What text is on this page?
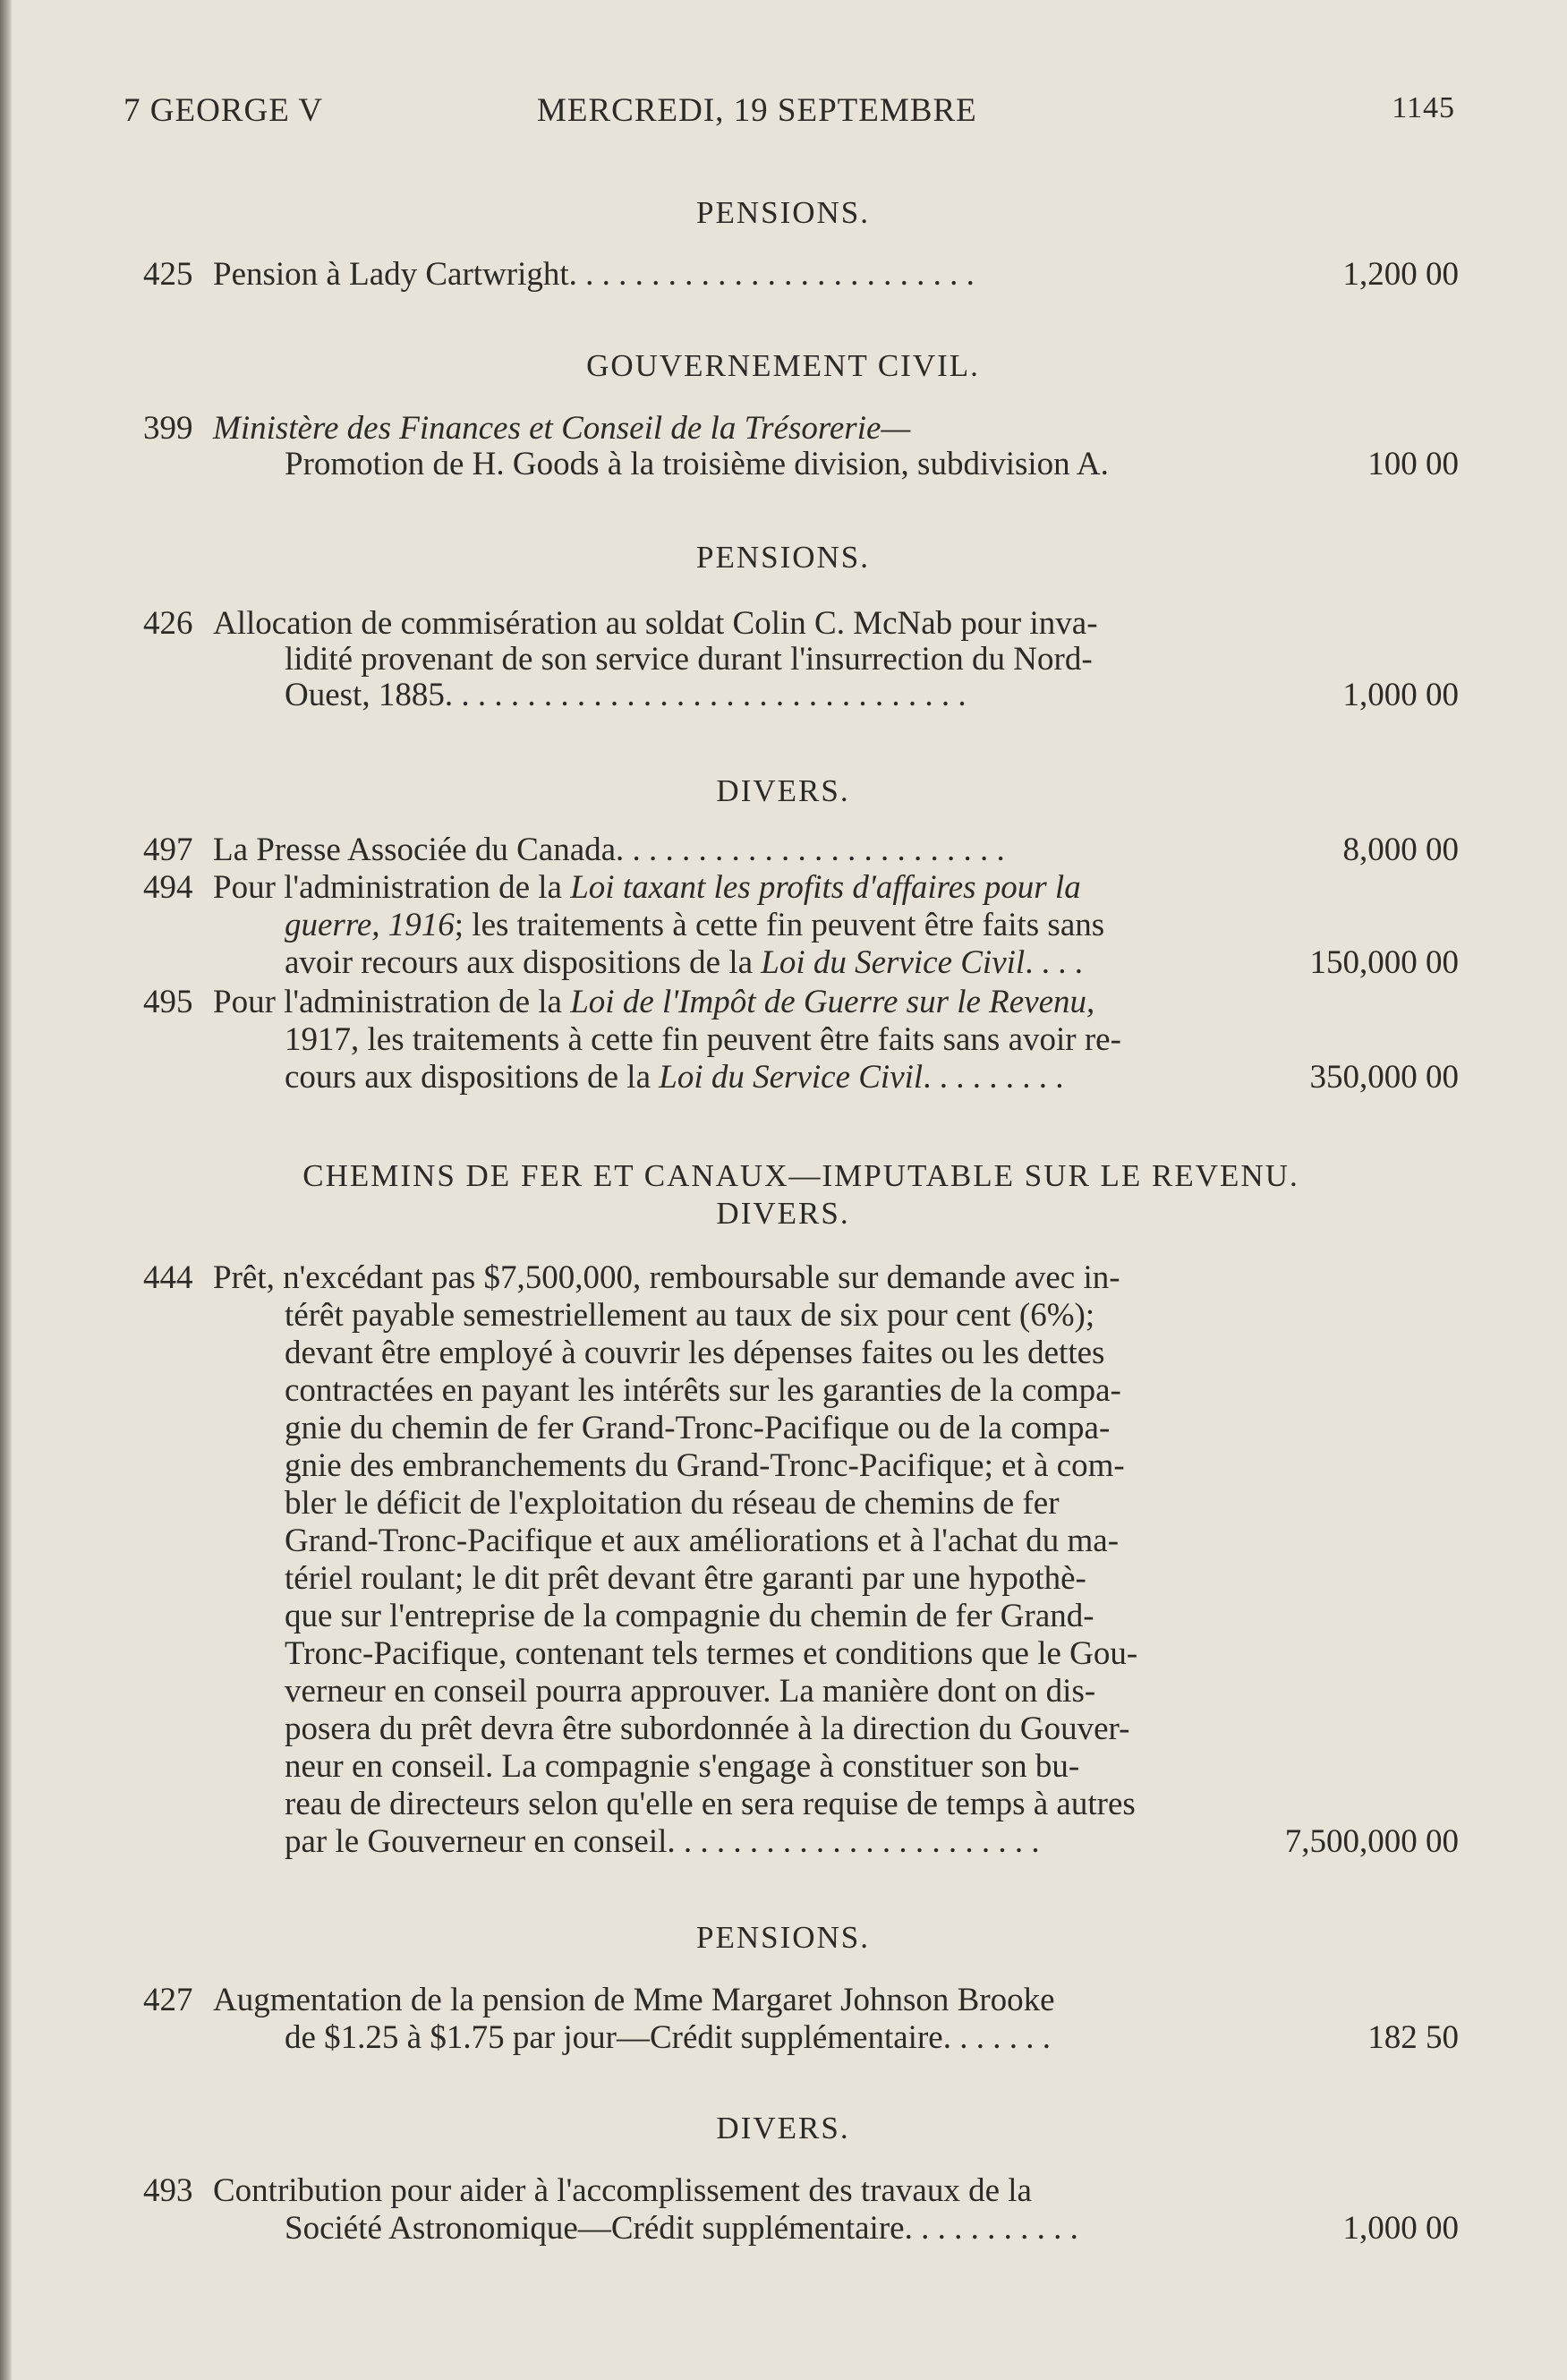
7 GEORGE V	MERCREDI, 19 SEPTEMBRE	1145
PENSIONS.
425 Pension à Lady Cartwright. . . . . . . . . . . . . . . . . . . . . . . . .	1,200 00
GOUVERNEMENT CIVIL.
399 Ministère des Finances et Conseil de la Trésorerie—
Promotion de H. Goods à la troisième division, subdivision A.	100 00
PENSIONS.
426 Allocation de commisération au soldat Colin C. McNab pour inva-
lidité provenant de son service durant l'insurrection du Nord-
Ouest, 1885. . . . . . . . . . . . . . . . . . . . . . . . . . . . . . . .	1,000 00
DIVERS.
497 La Presse Associée du Canada. . . . . . . . . . . . . . . . . . . . . . . .	8,000 00
494 Pour l'administration de la Loi taxant les profits d'affaires pour la
guerre, 1916; les traitements à cette fin peuvent être faits sans
avoir recours aux dispositions de la Loi du Service Civil. . . .	150,000 00
495 Pour l'administration de la Loi de l'Impôt de Guerre sur le Revenu,
1917, les traitements à cette fin peuvent être faits sans avoir re-
cours aux dispositions de la Loi du Service Civil. . . . . . . . .	350,000 00
CHEMINS DE FER ET CANAUX—IMPUTABLE SUR LE REVENU.
DIVERS.
444 Prêt, n'excédant pas $7,500,000, remboursable sur demande avec in-
térêt payable semestriellement au taux de six pour cent (6%);
devant être employé à couvrir les dépenses faites ou les dettes
contractées en payant les intérêts sur les garanties de la compa-
gnie du chemin de fer Grand-Tronc-Pacifique ou de la compa-
gnie des embranchements du Grand-Tronc-Pacifique; et à com-
bler le déficit de l'exploitation du réseau de chemins de fer
Grand-Tronc-Pacifique et aux améliorations et à l'achat du ma-
tériel roulant; le dit prêt devant être garanti par une hypothè-
que sur l'entreprise de la compagnie du chemin de fer Grand-
Tronc-Pacifique, contenant tels termes et conditions que le Gou-
verneur en conseil pourra approuver. La manière dont on dis-
posera du prêt devra être subordonnée à la direction du Gouver-
neur en conseil. La compagnie s'engage à constituer son bu-
reau de directeurs selon qu'elle en sera requise de temps à autres
par le Gouverneur en conseil. . . . . . . . . . . . . . . . . . . . . . .	7,500,000 00
PENSIONS.
427 Augmentation de la pension de Mme Margaret Johnson Brooke
de $1.25 à $1.75 par jour—Crédit supplémentaire. . . . . . .	182 50
DIVERS.
493 Contribution pour aider à l'accomplissement des travaux de la
Société Astronomique—Crédit supplémentaire. . . . . . . . . . .	1,000 00
